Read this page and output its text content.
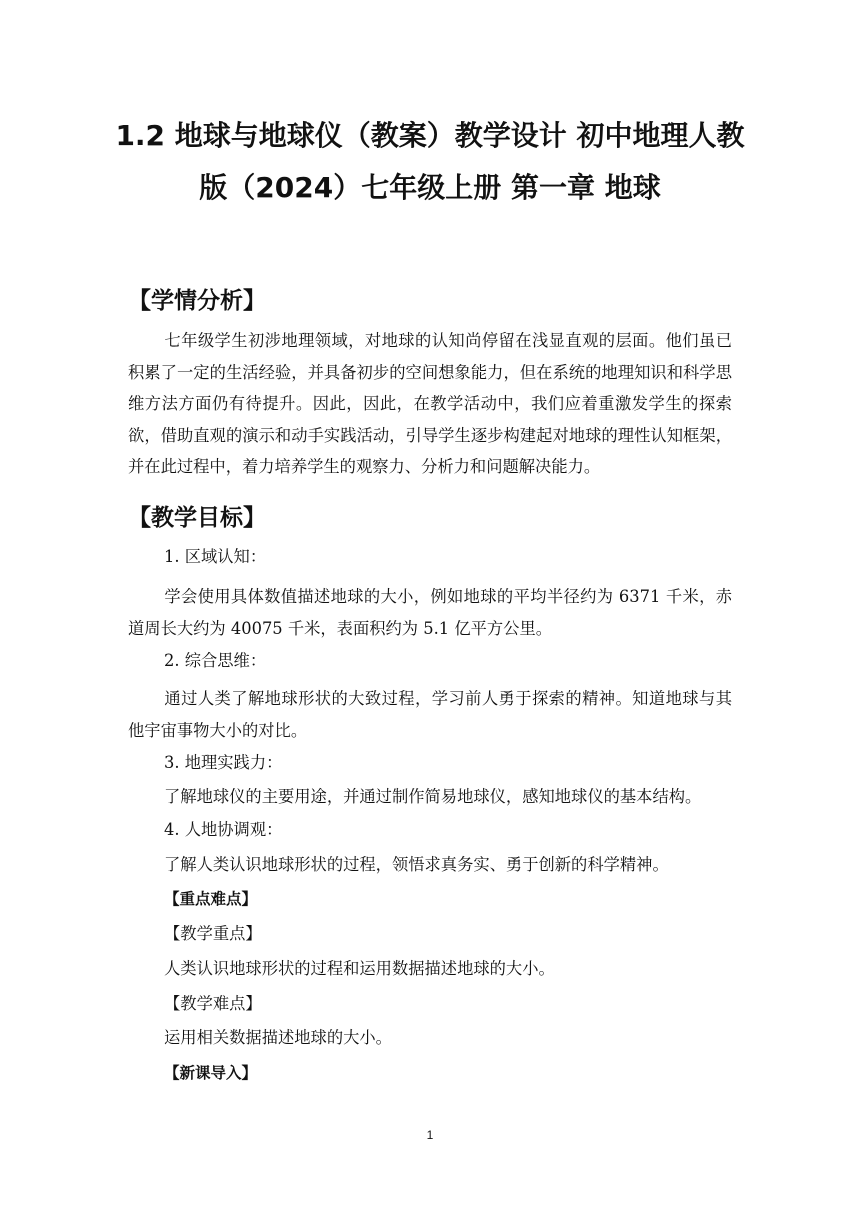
1.2 地球与地球仪（教案）教学设计 初中地理人教
版（2024）七年级上册 第一章 地球
【学情分析】
七年级学生初涉地理领域，对地球的认知尚停留在浅显直观的层面。他们虽已积累了一定的生活经验，并具备初步的空间想象能力，但在系统的地理知识和科学思维方法方面仍有待提升。因此，因此，在教学活动中，我们应着重激发学生的探索欲，借助直观的演示和动手实践活动，引导学生逐步构建起对地球的理性认知框架，并在此过程中，着力培养学生的观察力、分析力和问题解决能力。
【教学目标】
1. 区域认知：
学会使用具体数值描述地球的大小，例如地球的平均半径约为 6371 千米，赤道周长大约为 40075 千米，表面积约为 5.1 亿平方公里。
2. 综合思维：
通过人类了解地球形状的大致过程，学习前人勇于探索的精神。知道地球与其他宇宙事物大小的对比。
3. 地理实践力：
了解地球仪的主要用途，并通过制作简易地球仪，感知地球仪的基本结构。
4. 人地协调观：
了解人类认识地球形状的过程，领悟求真务实、勇于创新的科学精神。
【重点难点】
【教学重点】
人类认识地球形状的过程和运用数据描述地球的大小。
【教学难点】
运用相关数据描述地球的大小。
【新课导入】
1
